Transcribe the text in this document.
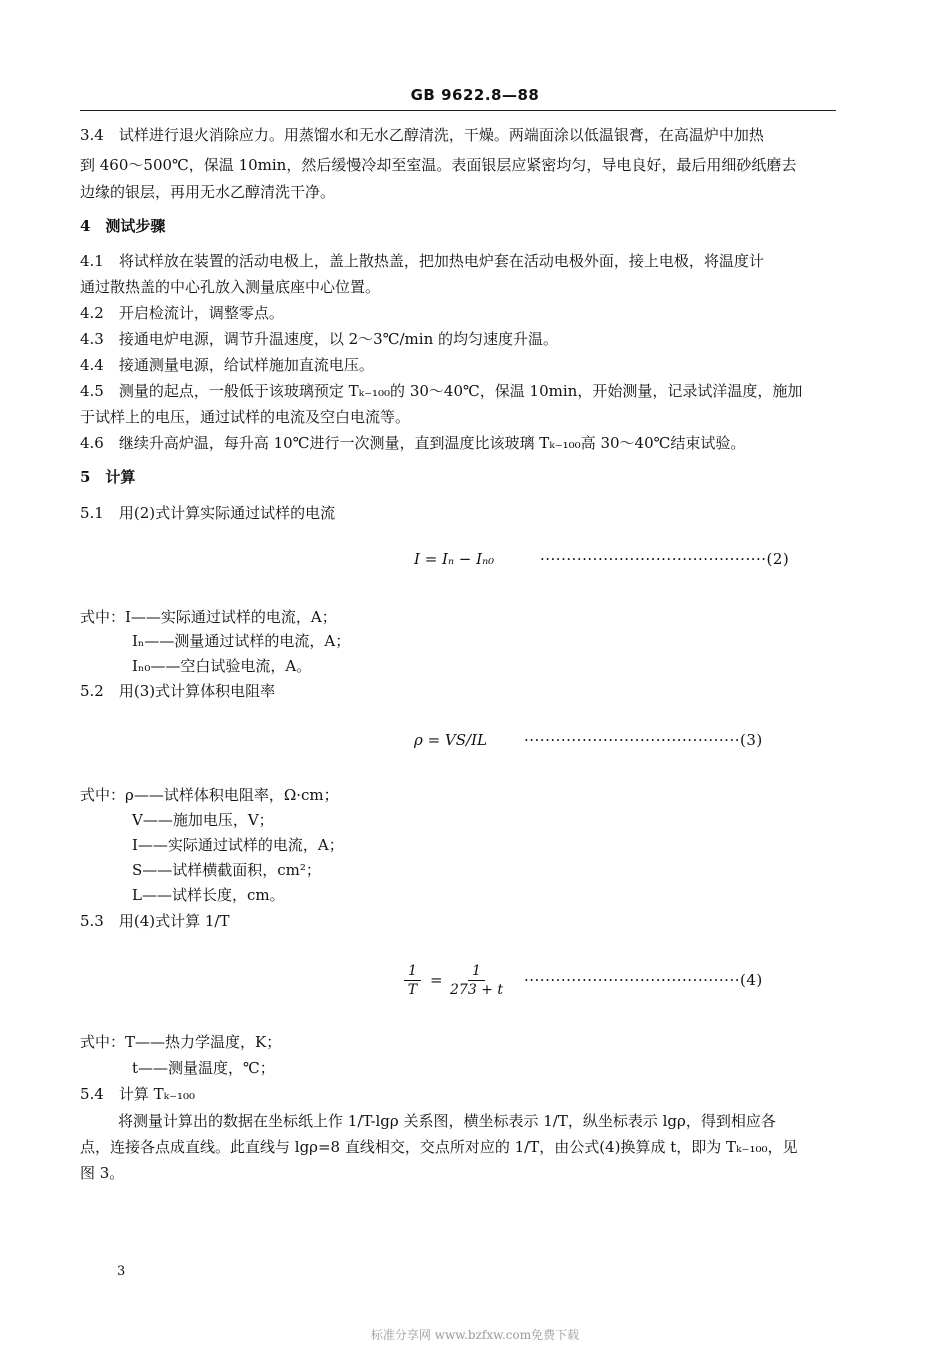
GB 9622.8—88
3.4　试样进行退火消除应力。用蒸馏水和无水乙醇清洗，干燥。两端面涂以低温银膏，在高温炉中加热
到 460～500℃，保温 10min，然后缓慢冷却至室温。表面银层应紧密均匀，导电良好，最后用细砂纸磨去
边缘的银层，再用无水乙醇清洗干净。
4　测试步骤
4.1　将试样放在装置的活动电极上，盖上散热盖，把加热电炉套在活动电极外面，接上电极，将温度计
通过散热盖的中心孔放入测量底座中心位置。
4.2　开启检流计，调整零点。
4.3　接通电炉电源，调节升温速度，以 2～3℃/min 的均匀速度升温。
4.4　接通测量电源，给试样施加直流电压。
4.5　测量的起点，一般低于该玻璃预定 Tₖ₋₁₀₀的 30～40℃，保温 10min，开始测量，记录试洋温度，施加
于试样上的电压，通过试样的电流及空白电流等。
4.6　继续升高炉温，每升高 10℃进行一次测量，直到温度比该玻璃 Tₖ₋₁₀₀高 30～40℃结束试验。
5　计算
5.1　用(2)式计算实际通过试样的电流
I = Iₙ − Iₙ₀	···········································(2)
式中：I——实际通过试样的电流，A；
Iₙ——测量通过试样的电流，A；
Iₙ₀——空白试验电流，A。
5.2　用(3)式计算体积电阻率
ρ = VS/IL ·········································(3)
式中：ρ——试样体积电阻率，Ω·cm；
V——施加电压，V；
I——实际通过试样的电流，A；
S——试样横截面积，cm²；
L——试样长度，cm。
5.3　用(4)式计算 1/T
$\frac{1}{T} = \frac{1}{273 + t} \cdot\cdot\cdot\cdot\cdot\cdot\cdot\cdot\cdot\cdot\cdot\cdot\cdot\cdot\cdot\cdot\cdot\cdot\cdot\cdot\cdot\cdot\cdot\cdot\cdot\cdot\cdot\cdot\cdot\cdot\cdot\cdot\cdot\cdot\cdot\cdot\cdot\cdot\cdot\cdot\cdot(4)$
式中：T——热力学温度，K；
t——测量温度，℃；
5.4　计算 Tₖ₋₁₀₀
将测量计算出的数据在坐标纸上作 1/T-lgρ 关系图，横坐标表示 1/T，纵坐标表示 lgρ，得到相应各
点，连接各点成直线。此直线与 lgρ=8 直线相交，交点所对应的 1/T，由公式(4)换算成 t，即为 Tₖ₋₁₀₀，见
图 3。
3
标准分享网 www.bzfxw.com免费下载
